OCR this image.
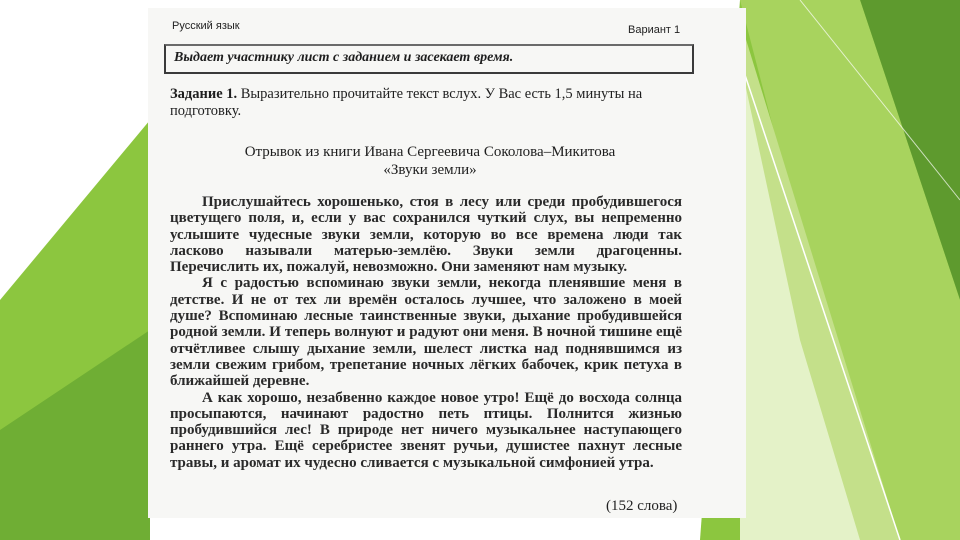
Русский язык	Вариант 1
Выдает участнику лист с заданием и засекает время.
Задание 1. Выразительно прочитайте текст вслух. У Вас есть 1,5 минуты на подготовку.
Отрывок из книги Ивана Сергеевича Соколова–Микитова
«Звуки земли»

Прислушайтесь хорошенько, стоя в лесу или среди пробудившегося цветущего поля, и, если у вас сохранился чуткий слух, вы непременно услышите чудесные звуки земли, которую во все времена люди так ласково называли матерью-землёю. Звуки земли драгоценны. Перечислить их, пожалуй, невозможно. Они заменяют нам музыку.

Я с радостью вспоминаю звуки земли, некогда пленявшие меня в детстве. И не от тех ли времён осталось лучшее, что заложено в моей душе? Вспоминаю лесные таинственные звуки, дыхание пробудившейся родной земли. И теперь волнуют и радуют они меня. В ночной тишине ещё отчётливее слышу дыхание земли, шелест листка над поднявшимся из земли свежим грибом, трепетание ночных лёгких бабочек, крик петуха в ближайшей деревне.

А как хорошо, незабвенно каждое новое утро! Ещё до восхода солнца просыпаются, начинают радостно петь птицы. Полнится жизнью пробудившийся лес! В природе нет ничего музыкальнее наступающего раннего утра. Ещё серебристее звенят ручьи, душистее пахнут лесные травы, и аромат их чудесно сливается с музыкальной симфонией утра.

(152 слова)
